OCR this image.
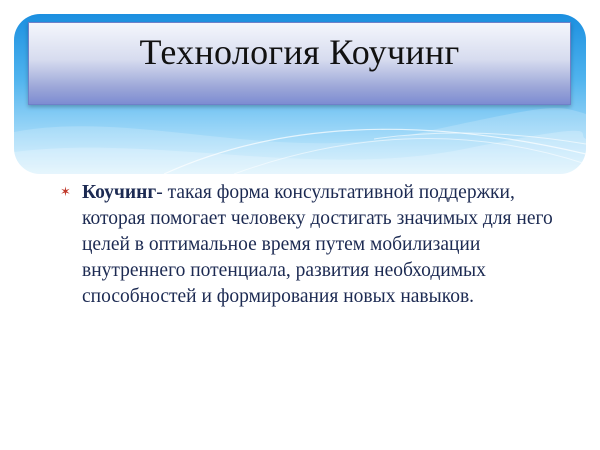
Технология Коучинг
✶ Коучинг- такая форма консультативной поддержки, которая помогает человеку достигать значимых для него целей в оптимальное время путем мобилизации внутреннего потенциала, развития необходимых способностей и формирования новых навыков.
